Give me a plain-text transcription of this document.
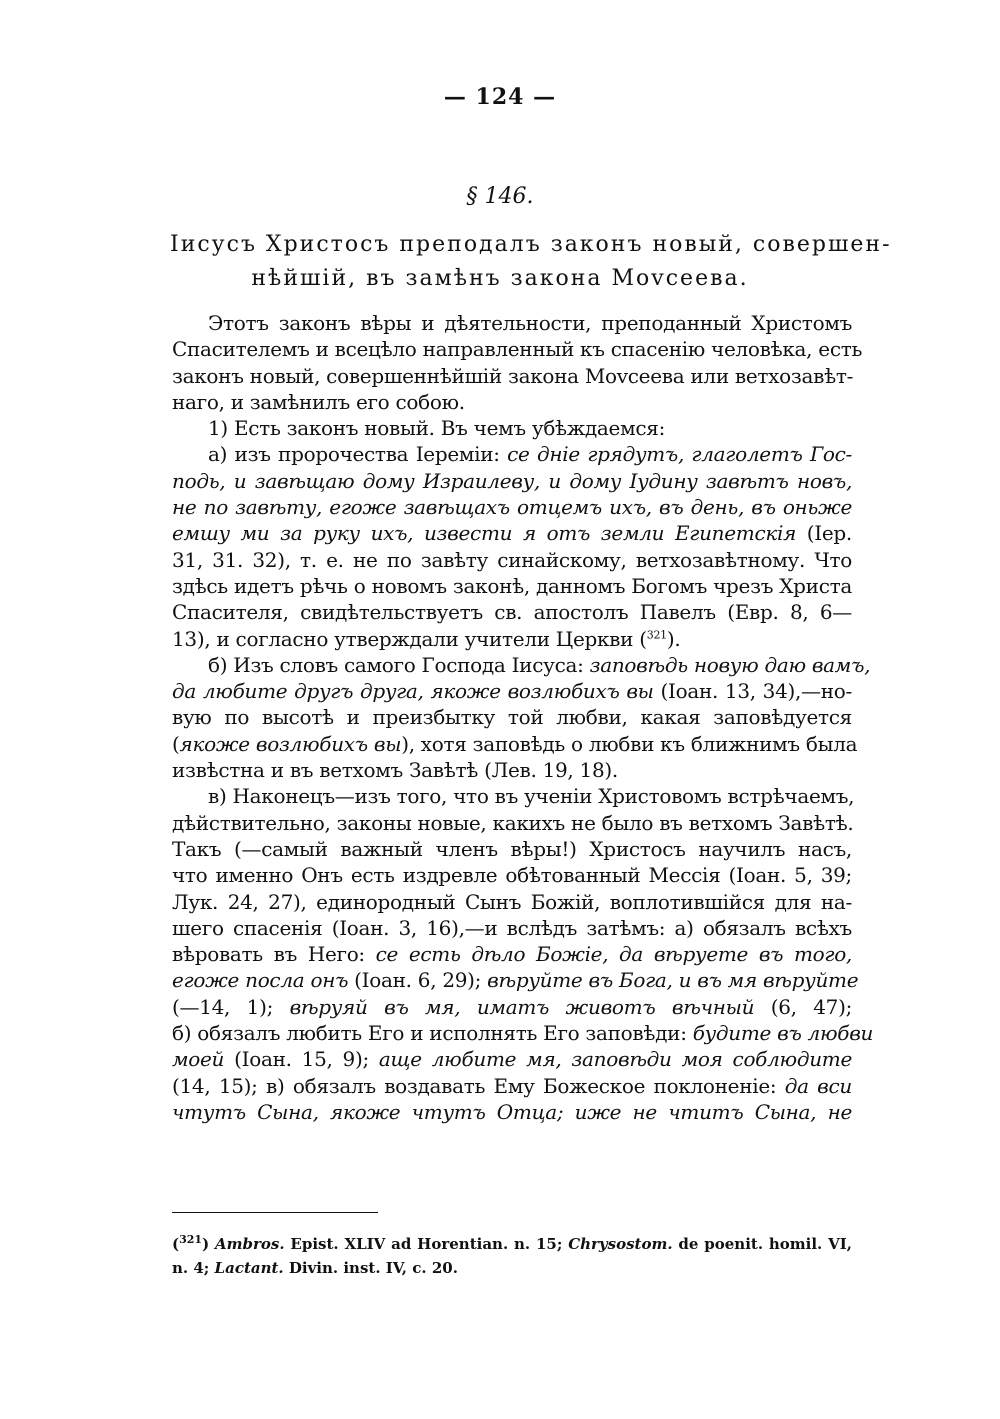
— 124 —
§ 146.
Іисусъ Христосъ преподалъ законъ новый, совершен-
нѣйшій, въ замѣнъ закона Моvсеева.
Этотъ законъ вѣры и дѣятельности, преподанный Христомъ
Спасителемъ и всецѣло направленный къ спасенію человѣка, есть
законъ новый, совершеннѣйшій закона Моvсеева или ветхозавѣт-
наго, и замѣнилъ его собою.
1) Есть законъ новый. Въ чемъ убѣждаемся:
а) изъ пророчества Іереміи: се дніе грядутъ, глаголетъ Гос-
подь, и завѣщаю дому Израилеву, и дому Іудину завѣтъ новъ,
не по завѣту, егоже завѣщахъ отцемъ ихъ, въ день, въ оньже
емшу ми за руку ихъ, извести я отъ земли Египетскія (Іер.
31, 31. 32), т. е. не по завѣту синайскому, ветхозавѣтному. Что
здѣсь идетъ рѣчь о новомъ законѣ, данномъ Богомъ чрезъ Христа
Спасителя, свидѣтельствуетъ св. апостолъ Павелъ (Евр. 8, 6—
13), и согласно утверждали учители Церкви ($^{321}$).
б) Изъ словъ самого Господа Іисуса: заповѣдь новую даю вамъ,
да любите другъ друга, якоже возлюбихъ вы (Іоан. 13, 34),—но-
вую по высотѣ и преизбытку той любви, какая заповѣдуется
(якоже возлюбихъ вы), хотя заповѣдь о любви къ ближнимъ была
извѣстна и въ ветхомъ Завѣтѣ (Лев. 19, 18).
в) Наконецъ—изъ того, что въ ученіи Христовомъ встрѣчаемъ,
дѣйствительно, законы новые, какихъ не было въ ветхомъ Завѣтѣ.
Такъ (—самый важный членъ вѣры!) Христосъ научилъ насъ,
что именно Онъ есть издревле обѣтованный Мессія (Іоан. 5, 39;
Лук. 24, 27), единородный Сынъ Божій, воплотившійся для на-
шего спасенія (Іоан. 3, 16),—и вслѣдъ затѣмъ: а) обязалъ всѣхъ
вѣровать въ Него: се есть дѣло Божіе, да вѣруете въ того,
егоже посла онъ (Іоан. 6, 29); вѣруйте въ Бога, и въ мя вѣруйте
(—14, 1); вѣруяй въ мя, иматъ животъ вѣчный (6, 47);
б) обязалъ любить Его и исполнять Его заповѣди: будите въ любви
моей (Іоан. 15, 9); аще любите мя, заповѣди моя соблюдите
(14, 15); в) обязалъ воздавать Ему Божеское поклоненіе: да вси
чтутъ Сына, якоже чтутъ Отца; иже не чтитъ Сына, не
($^{321}$) Ambros. Epist. XLIV ad Horentian. n. 15; Chrysostom. de poenit. homil. VI,
n. 4; Lactant. Divin. inst. IV, c. 20.
